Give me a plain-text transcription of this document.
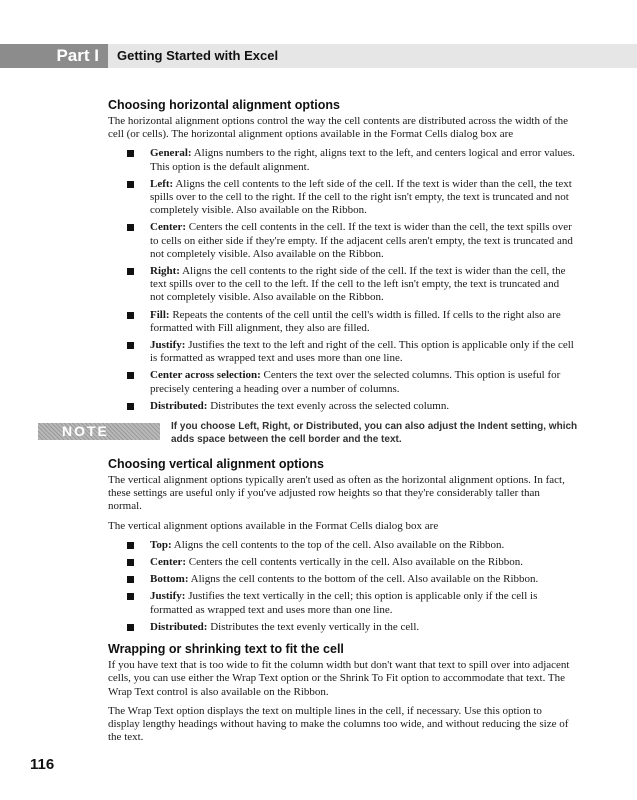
Part I Getting Started with Excel
Choosing horizontal alignment options

The horizontal alignment options control the way the cell contents are distributed across the width of the cell (or cells). The horizontal alignment options available in the Format Cells dialog box are

General: Aligns numbers to the right, aligns text to the left, and centers logical and error values. This option is the default alignment.
Left: Aligns the cell contents to the left side of the cell. If the text is wider than the cell, the text spills over to the cell to the right. If the cell to the right isn't empty, the text is truncated and not completely visible. Also available on the Ribbon.
Center: Centers the cell contents in the cell. If the text is wider than the cell, the text spills over to cells on either side if they're empty. If the adjacent cells aren't empty, the text is truncated and not completely visible. Also available on the Ribbon.
Right: Aligns the cell contents to the right side of the cell. If the text is wider than the cell, the text spills over to the cell to the left. If the cell to the left isn't empty, the text is truncated and not completely visible. Also available on the Ribbon.
Fill: Repeats the contents of the cell until the cell's width is filled. If cells to the right also are formatted with Fill alignment, they also are filled.
Justify: Justifies the text to the left and right of the cell. This option is applicable only if the cell is formatted as wrapped text and uses more than one line.
Center across selection: Centers the text over the selected columns. This option is useful for precisely centering a heading over a number of columns.
Distributed: Distributes the text evenly across the selected column.
NOTE	If you choose Left, Right, or Distributed, you can also adjust the Indent setting, which adds space between the cell border and the text.
Choosing vertical alignment options

The vertical alignment options typically aren't used as often as the horizontal alignment options. In fact, these settings are useful only if you've adjusted row heights so that they're considerably taller than normal.

The vertical alignment options available in the Format Cells dialog box are

Top: Aligns the cell contents to the top of the cell. Also available on the Ribbon.
Center: Centers the cell contents vertically in the cell. Also available on the Ribbon.
Bottom: Aligns the cell contents to the bottom of the cell. Also available on the Ribbon.
Justify: Justifies the text vertically in the cell; this option is applicable only if the cell is formatted as wrapped text and uses more than one line.
Distributed: Distributes the text evenly vertically in the cell.
Wrapping or shrinking text to fit the cell

If you have text that is too wide to fit the column width but don't want that text to spill over into adjacent cells, you can use either the Wrap Text option or the Shrink To Fit option to accommodate that text. The Wrap Text control is also available on the Ribbon.

The Wrap Text option displays the text on multiple lines in the cell, if necessary. Use this option to display lengthy headings without having to make the columns too wide, and without reducing the size of the text.

116
